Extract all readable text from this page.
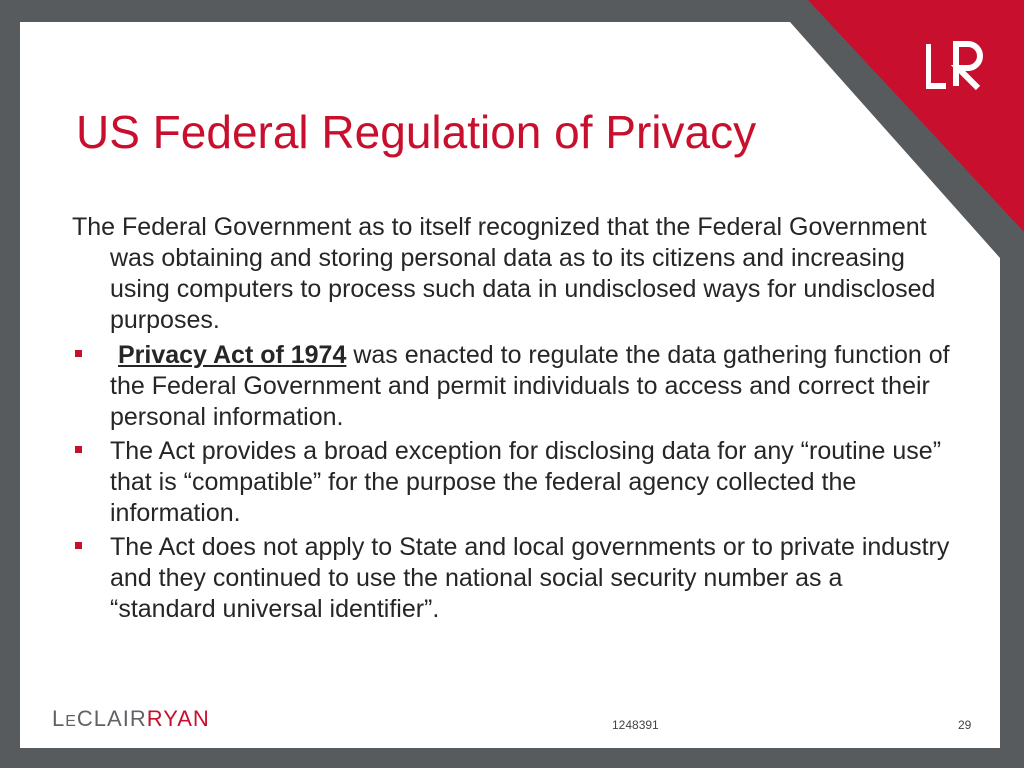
US Federal Regulation of Privacy

The Federal Government as to itself recognized that the Federal Government was obtaining and storing personal data as to its citizens and increasing using computers to process such data in undisclosed ways for undisclosed purposes.

Privacy Act of 1974 was enacted to regulate the data gathering function of the Federal Government and permit individuals to access and correct their personal information.
The Act provides a broad exception for disclosing data for any “routine use” that is “compatible” for the purpose the federal agency collected the information.
The Act does not apply to State and local governments or to private industry and they continued to use the national social security number as a “standard universal identifier”.
LECLAIRRYAN	1248391	29
